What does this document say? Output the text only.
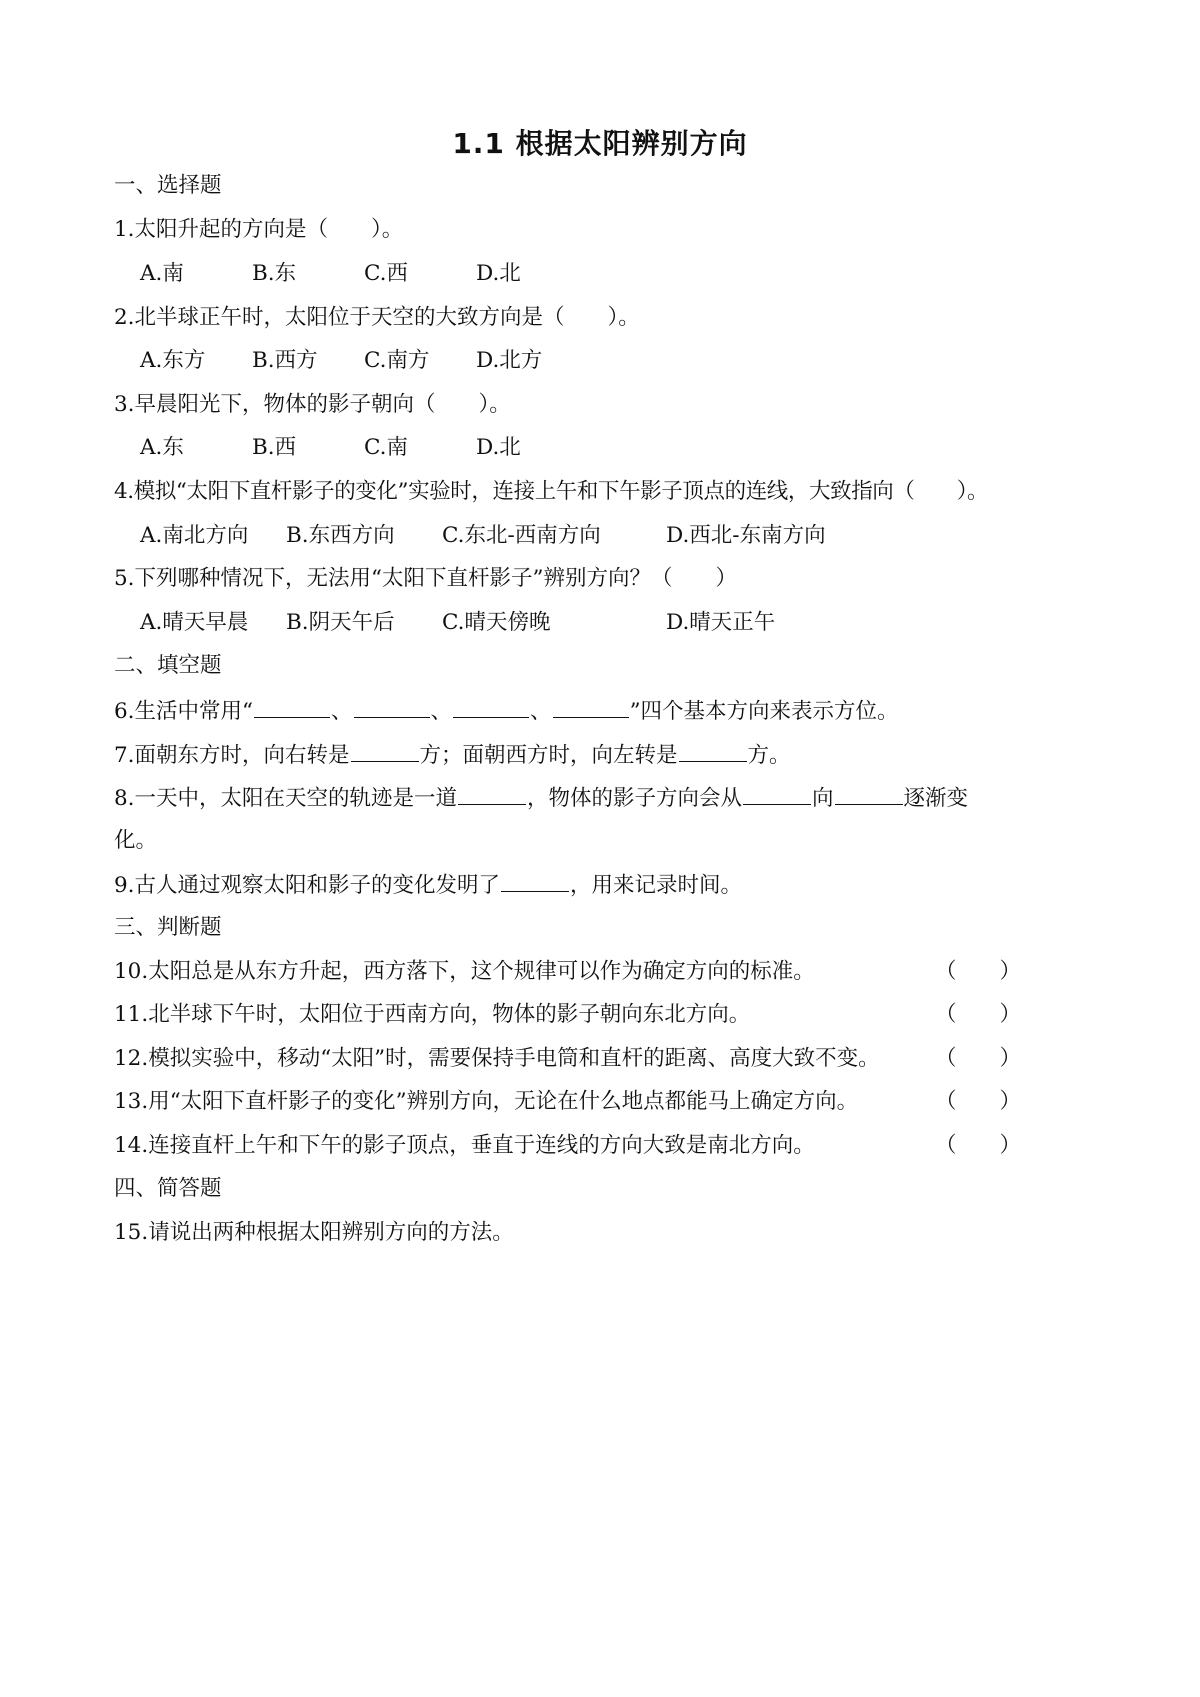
1.1 根据太阳辨别方向
一、选择题
1.太阳升起的方向是（　　）。
A.南	B.东	C.西	D.北
2.北半球正午时，太阳位于天空的大致方向是（　　）。
A.东方 B.西方 C.南方 D.北方
3.早晨阳光下，物体的影子朝向（　　）。
A.东	B.西	C.南	D.北
4.模拟“太阳下直杆影子的变化”实验时，连接上午和下午影子顶点的连线，大致指向（　　）。
A.南北方向 B.东西方向 C.东北-西南方向	D.西北-东南方向
5.下列哪种情况下，无法用“太阳下直杆影子”辨别方向？（　　）
A.晴天早晨 B.阴天午后 C.晴天傍晚	D.晴天正午
二、填空题
6.生活中常用“	、	、	、	”四个基本方向来表示方位。
7.面朝东方时，向右转是	方；面朝西方时，向左转是	方。
8.一天中，太阳在天空的轨迹是一道	，物体的影子方向会从	向	逐渐变
化。
9.古人通过观察太阳和影子的变化发明了	，用来记录时间。
三、判断题
10.太阳总是从东方升起，西方落下，这个规律可以作为确定方向的标准。	（　　）
11.北半球下午时，太阳位于西南方向，物体的影子朝向东北方向。	（　　）
12.模拟实验中，移动“太阳”时，需要保持手电筒和直杆的距离、高度大致不变。	（　　）
13.用“太阳下直杆影子的变化”辨别方向，无论在什么地点都能马上确定方向。	（　　）
14.连接直杆上午和下午的影子顶点，垂直于连线的方向大致是南北方向。	（　　）
四、简答题
15.请说出两种根据太阳辨别方向的方法。
